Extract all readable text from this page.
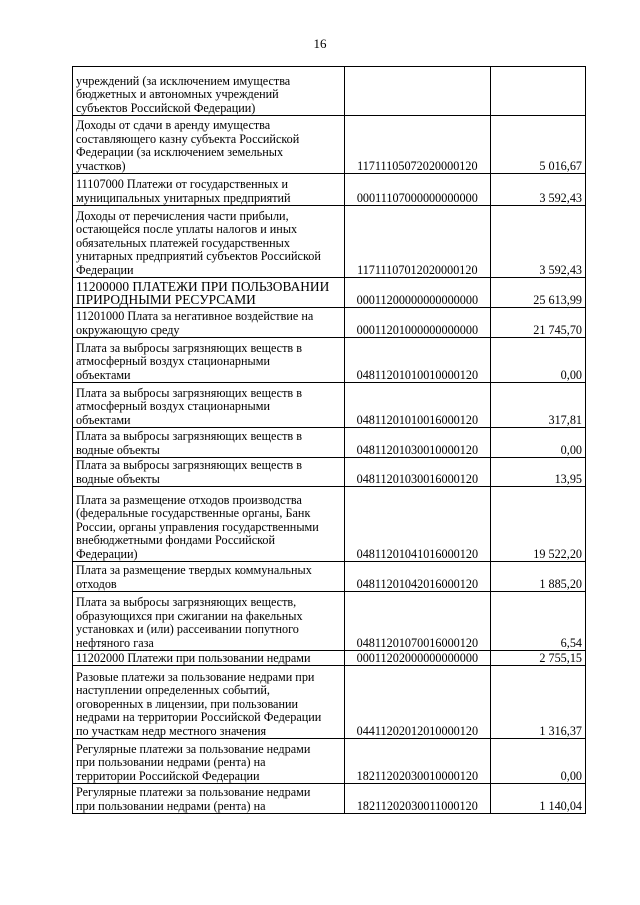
16
учреждений (за исключением имущества
бюджетных и автономных учреждений
субъектов Российской Федерации)		

Доходы от сдачи в аренду имущества
составляющего казну субъекта Российской
Федерации (за исключением земельных
участков)	11711105072020000120	5 016,67

11107000 Платежи от государственных и
муниципальных унитарных предприятий	00011107000000000000	3 592,43

Доходы от перечисления части прибыли,
остающейся после уплаты налогов и иных
обязательных платежей государственных
унитарных предприятий субъектов Российской
Федерации	11711107012020000120	3 592,43

11200000 ПЛАТЕЖИ ПРИ ПОЛЬЗОВАНИИ
ПРИРОДНЫМИ РЕСУРСАМИ	00011200000000000000	25 613,99

11201000 Плата за негативное воздействие на
окружающую среду	00011201000000000000	21 745,70

Плата за выбросы загрязняющих веществ в
атмосферный воздух стационарными
объектами	04811201010010000120	0,00

Плата за выбросы загрязняющих веществ в
атмосферный воздух стационарными
объектами	04811201010016000120	317,81

Плата за выбросы загрязняющих веществ в
водные объекты	04811201030010000120	0,00

Плата за выбросы загрязняющих веществ в
водные объекты	04811201030016000120	13,95

Плата за размещение отходов производства
(федеральные государственные органы, Банк
России, органы управления государственными
внебюджетными фондами Российской
Федерации)	04811201041016000120	19 522,20

Плата за размещение твердых коммунальных
отходов	04811201042016000120	1 885,20

Плата за выбросы загрязняющих веществ,
образующихся при сжигании на факельных
установках и (или) рассеивании попутного
нефтяного газа	04811201070016000120	6,54

11202000 Платежи при пользовании недрами	00011202000000000000	2 755,15

Разовые платежи за пользование недрами при
наступлении определенных событий,
оговоренных в лицензии, при пользовании
недрами на территории Российской Федерации
по участкам недр местного значения	04411202012010000120	1 316,37

Регулярные платежи за пользование недрами
при пользовании недрами (рента) на
территории Российской Федерации	18211202030010000120	0,00

Регулярные платежи за пользование недрами
при пользовании недрами (рента) на	18211202030011000120	1 140,04
